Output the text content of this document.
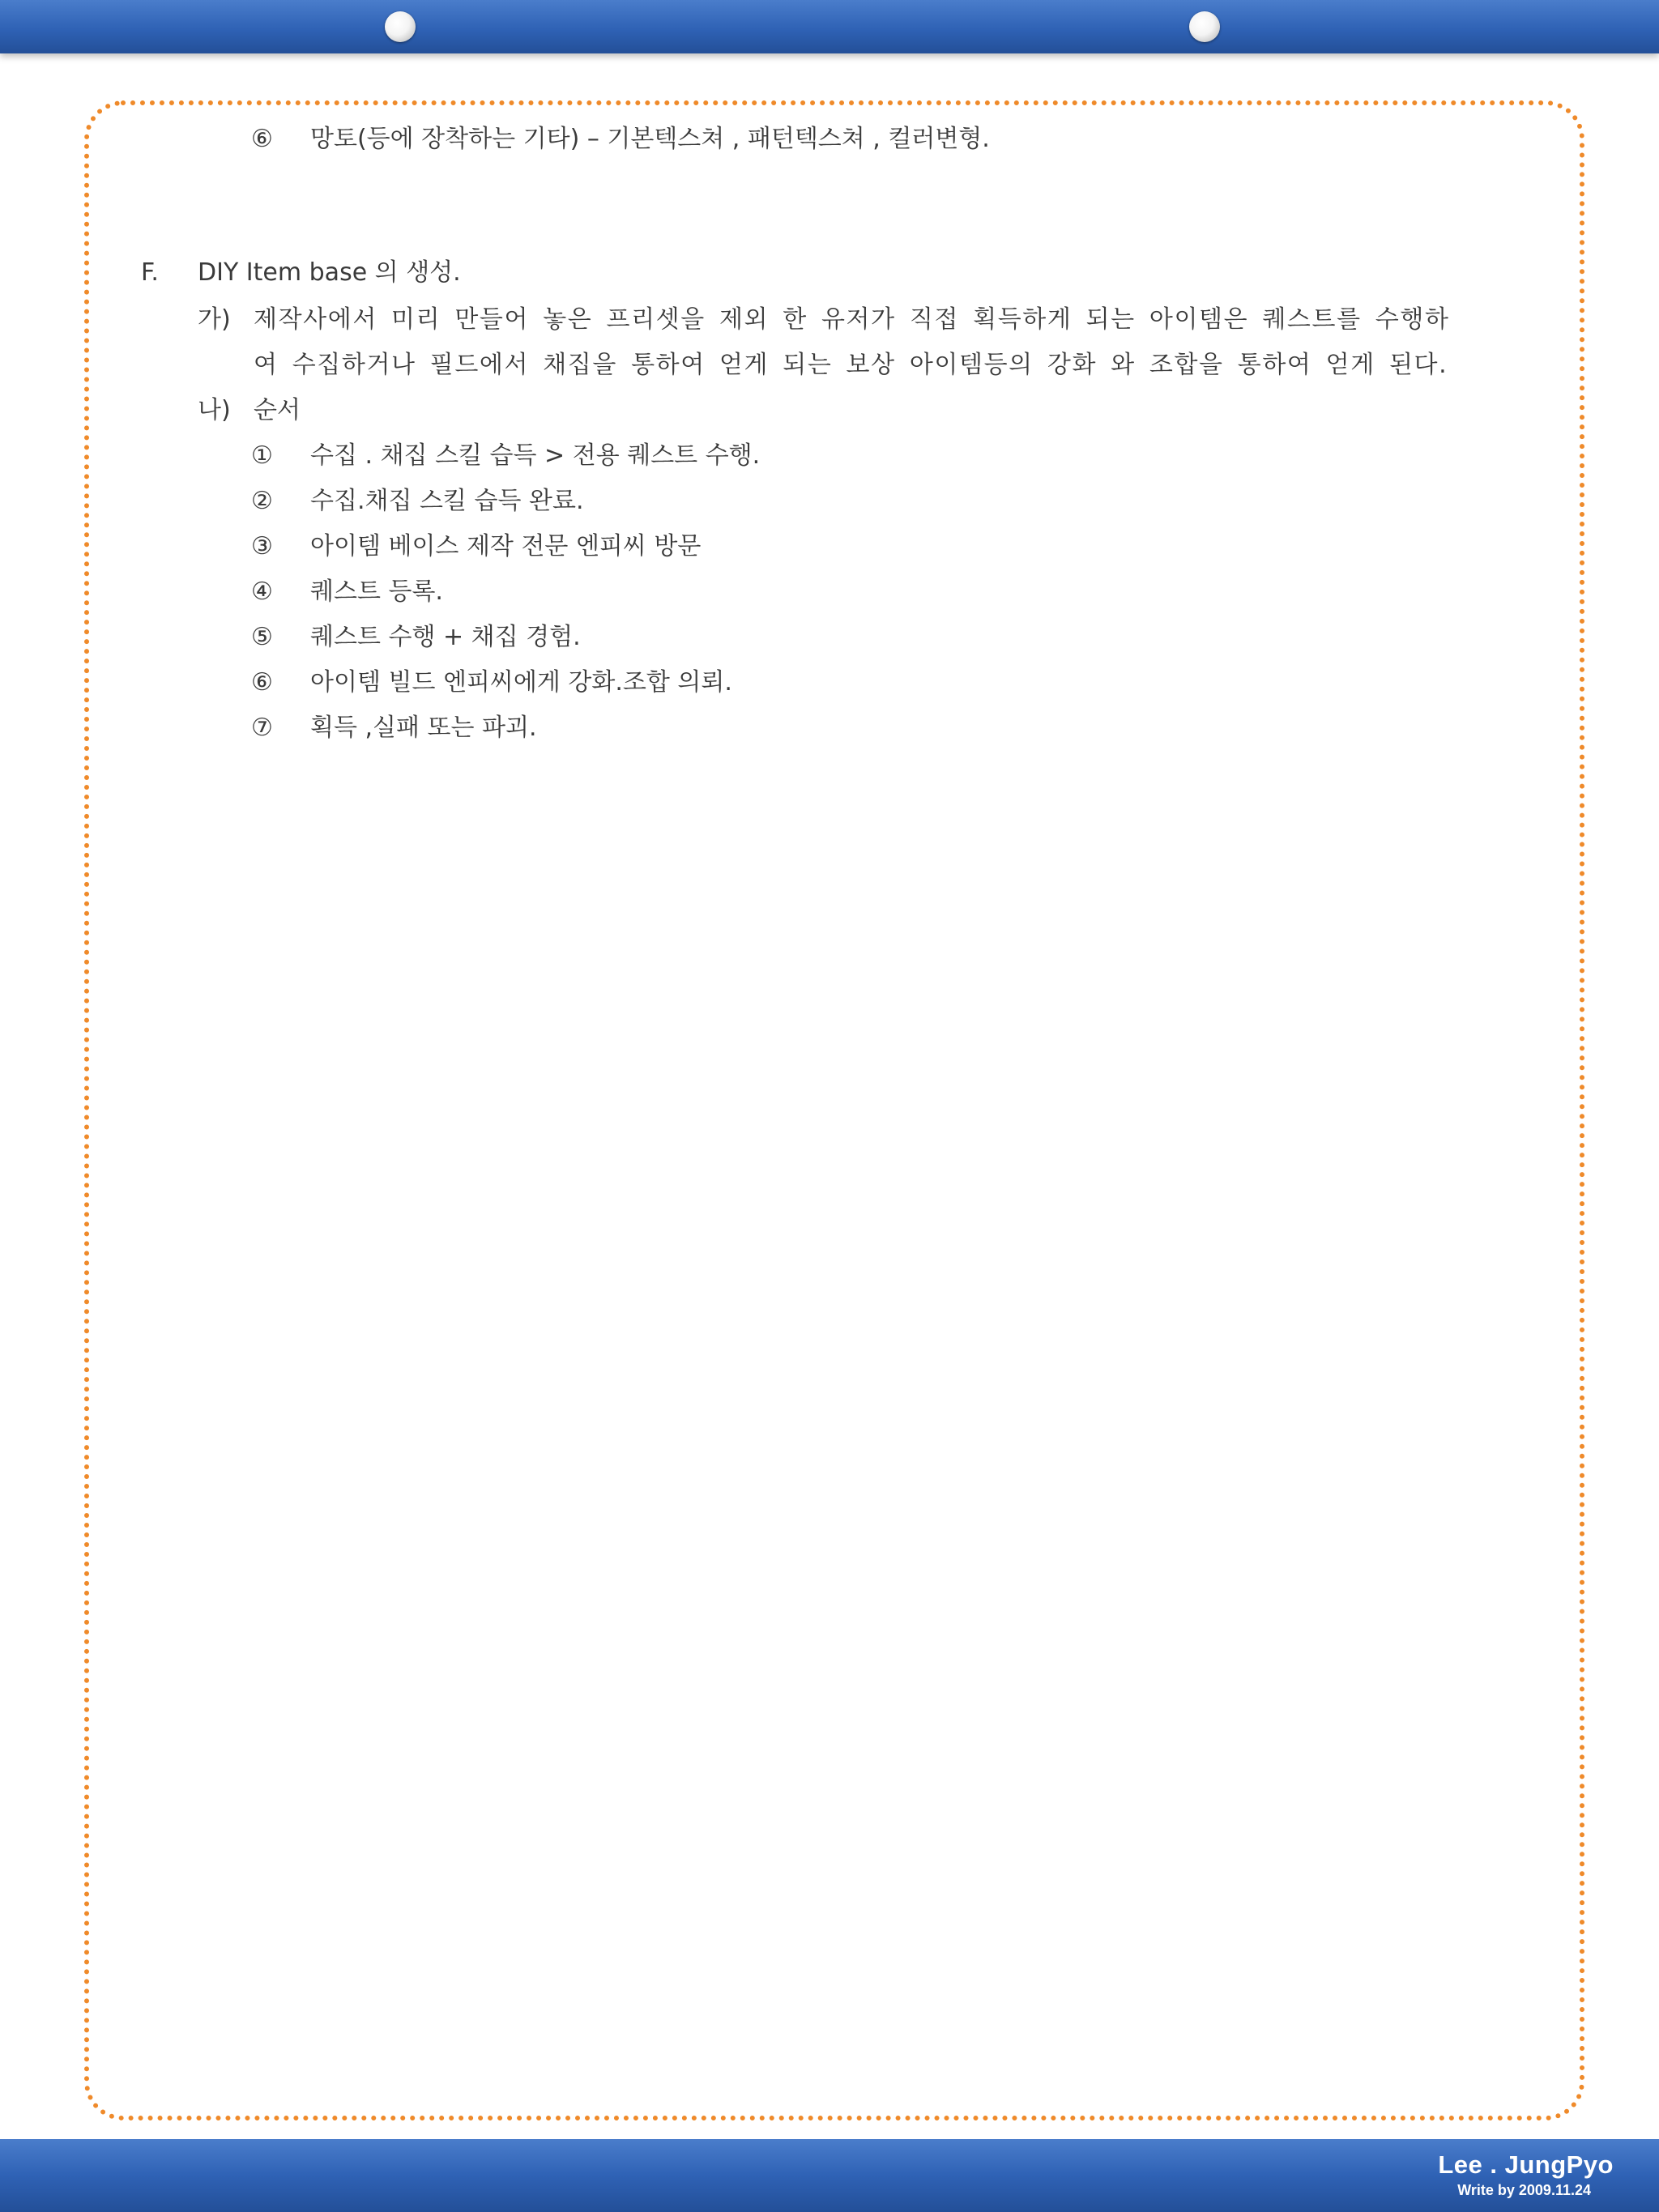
⑥ 망토(등에 장착하는 기타) – 기본텍스쳐 , 패턴텍스쳐 , 컬러변형.
F. DIY Item base 의 생성.
가) 제작사에서 미리 만들어 놓은 프리셋을 제외 한 유저가 직접 획득하게 되는 아이템은 퀘스트를 수행하
여 수집하거나 필드에서 채집을 통하여 얻게 되는 보상 아이템등의 강화 와 조합을 통하여 얻게 된다.
나) 순서
① 수집 . 채집 스킬 습득 > 전용 퀘스트 수행.
② 수집.채집 스킬 습득 완료.
③ 아이템 베이스 제작 전문 엔피씨 방문
④ 퀘스트 등록.
⑤ 퀘스트 수행 + 채집 경험.
⑥ 아이템 빌드 엔피씨에게 강화.조합 의뢰.
⑦ 획득 ,실패 또는 파괴.
Lee . JungPyo
Write by 2009.11.24
